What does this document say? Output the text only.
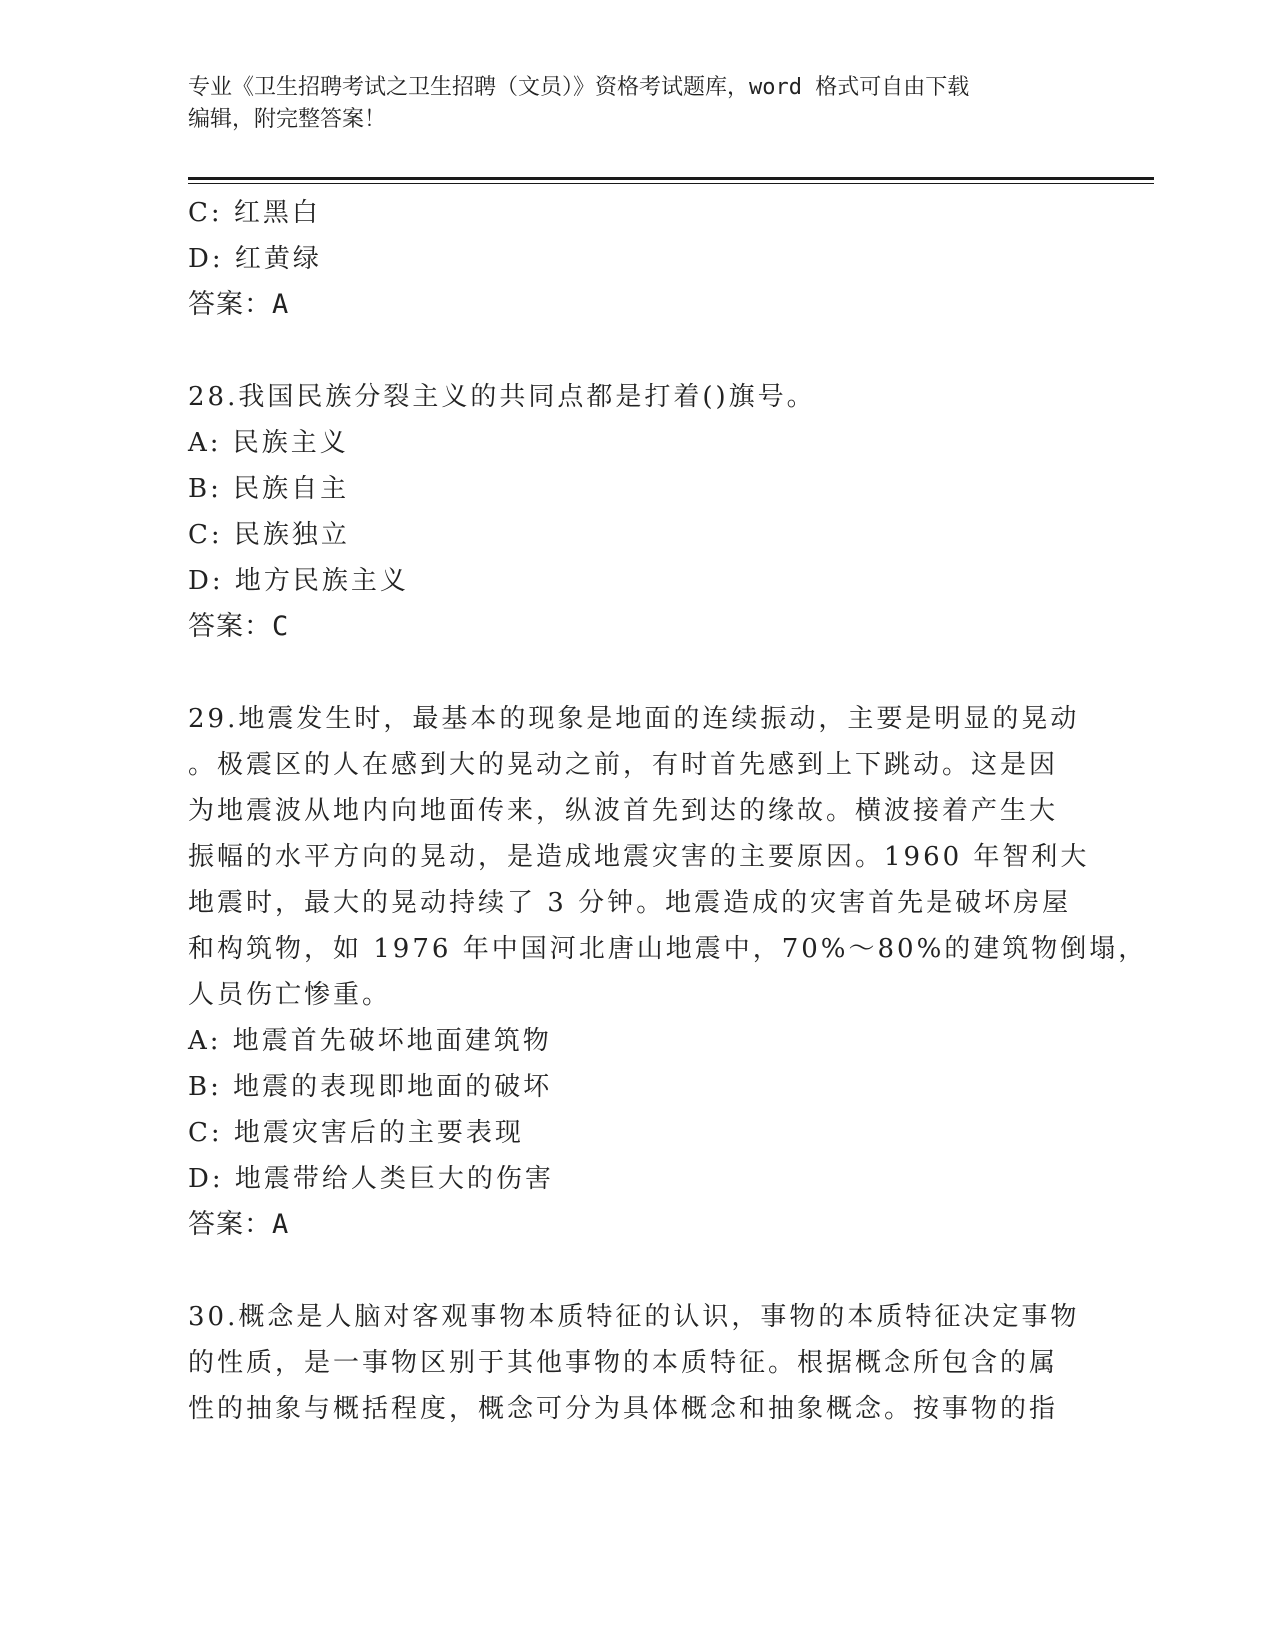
专业《卫生招聘考试之卫生招聘（文员）》资格考试题库，word 格式可自由下载
编辑，附完整答案！
C: 红黑白
D: 红黄绿
答案：A
28.我国民族分裂主义的共同点都是打着()旗号。
A: 民族主义
B: 民族自主
C: 民族独立
D: 地方民族主义
答案：C
29.地震发生时，最基本的现象是地面的连续振动，主要是明显的晃动
。极震区的人在感到大的晃动之前，有时首先感到上下跳动。这是因
为地震波从地内向地面传来，纵波首先到达的缘故。横波接着产生大
振幅的水平方向的晃动，是造成地震灾害的主要原因。1960 年智利大
地震时，最大的晃动持续了 3 分钟。地震造成的灾害首先是破坏房屋
和构筑物，如 1976 年中国河北唐山地震中，70%～80%的建筑物倒塌，
人员伤亡惨重。
A: 地震首先破坏地面建筑物
B: 地震的表现即地面的破坏
C: 地震灾害后的主要表现
D: 地震带给人类巨大的伤害
答案：A
30.概念是人脑对客观事物本质特征的认识，事物的本质特征决定事物
的性质，是一事物区别于其他事物的本质特征。根据概念所包含的属
性的抽象与概括程度，概念可分为具体概念和抽象概念。按事物的指
